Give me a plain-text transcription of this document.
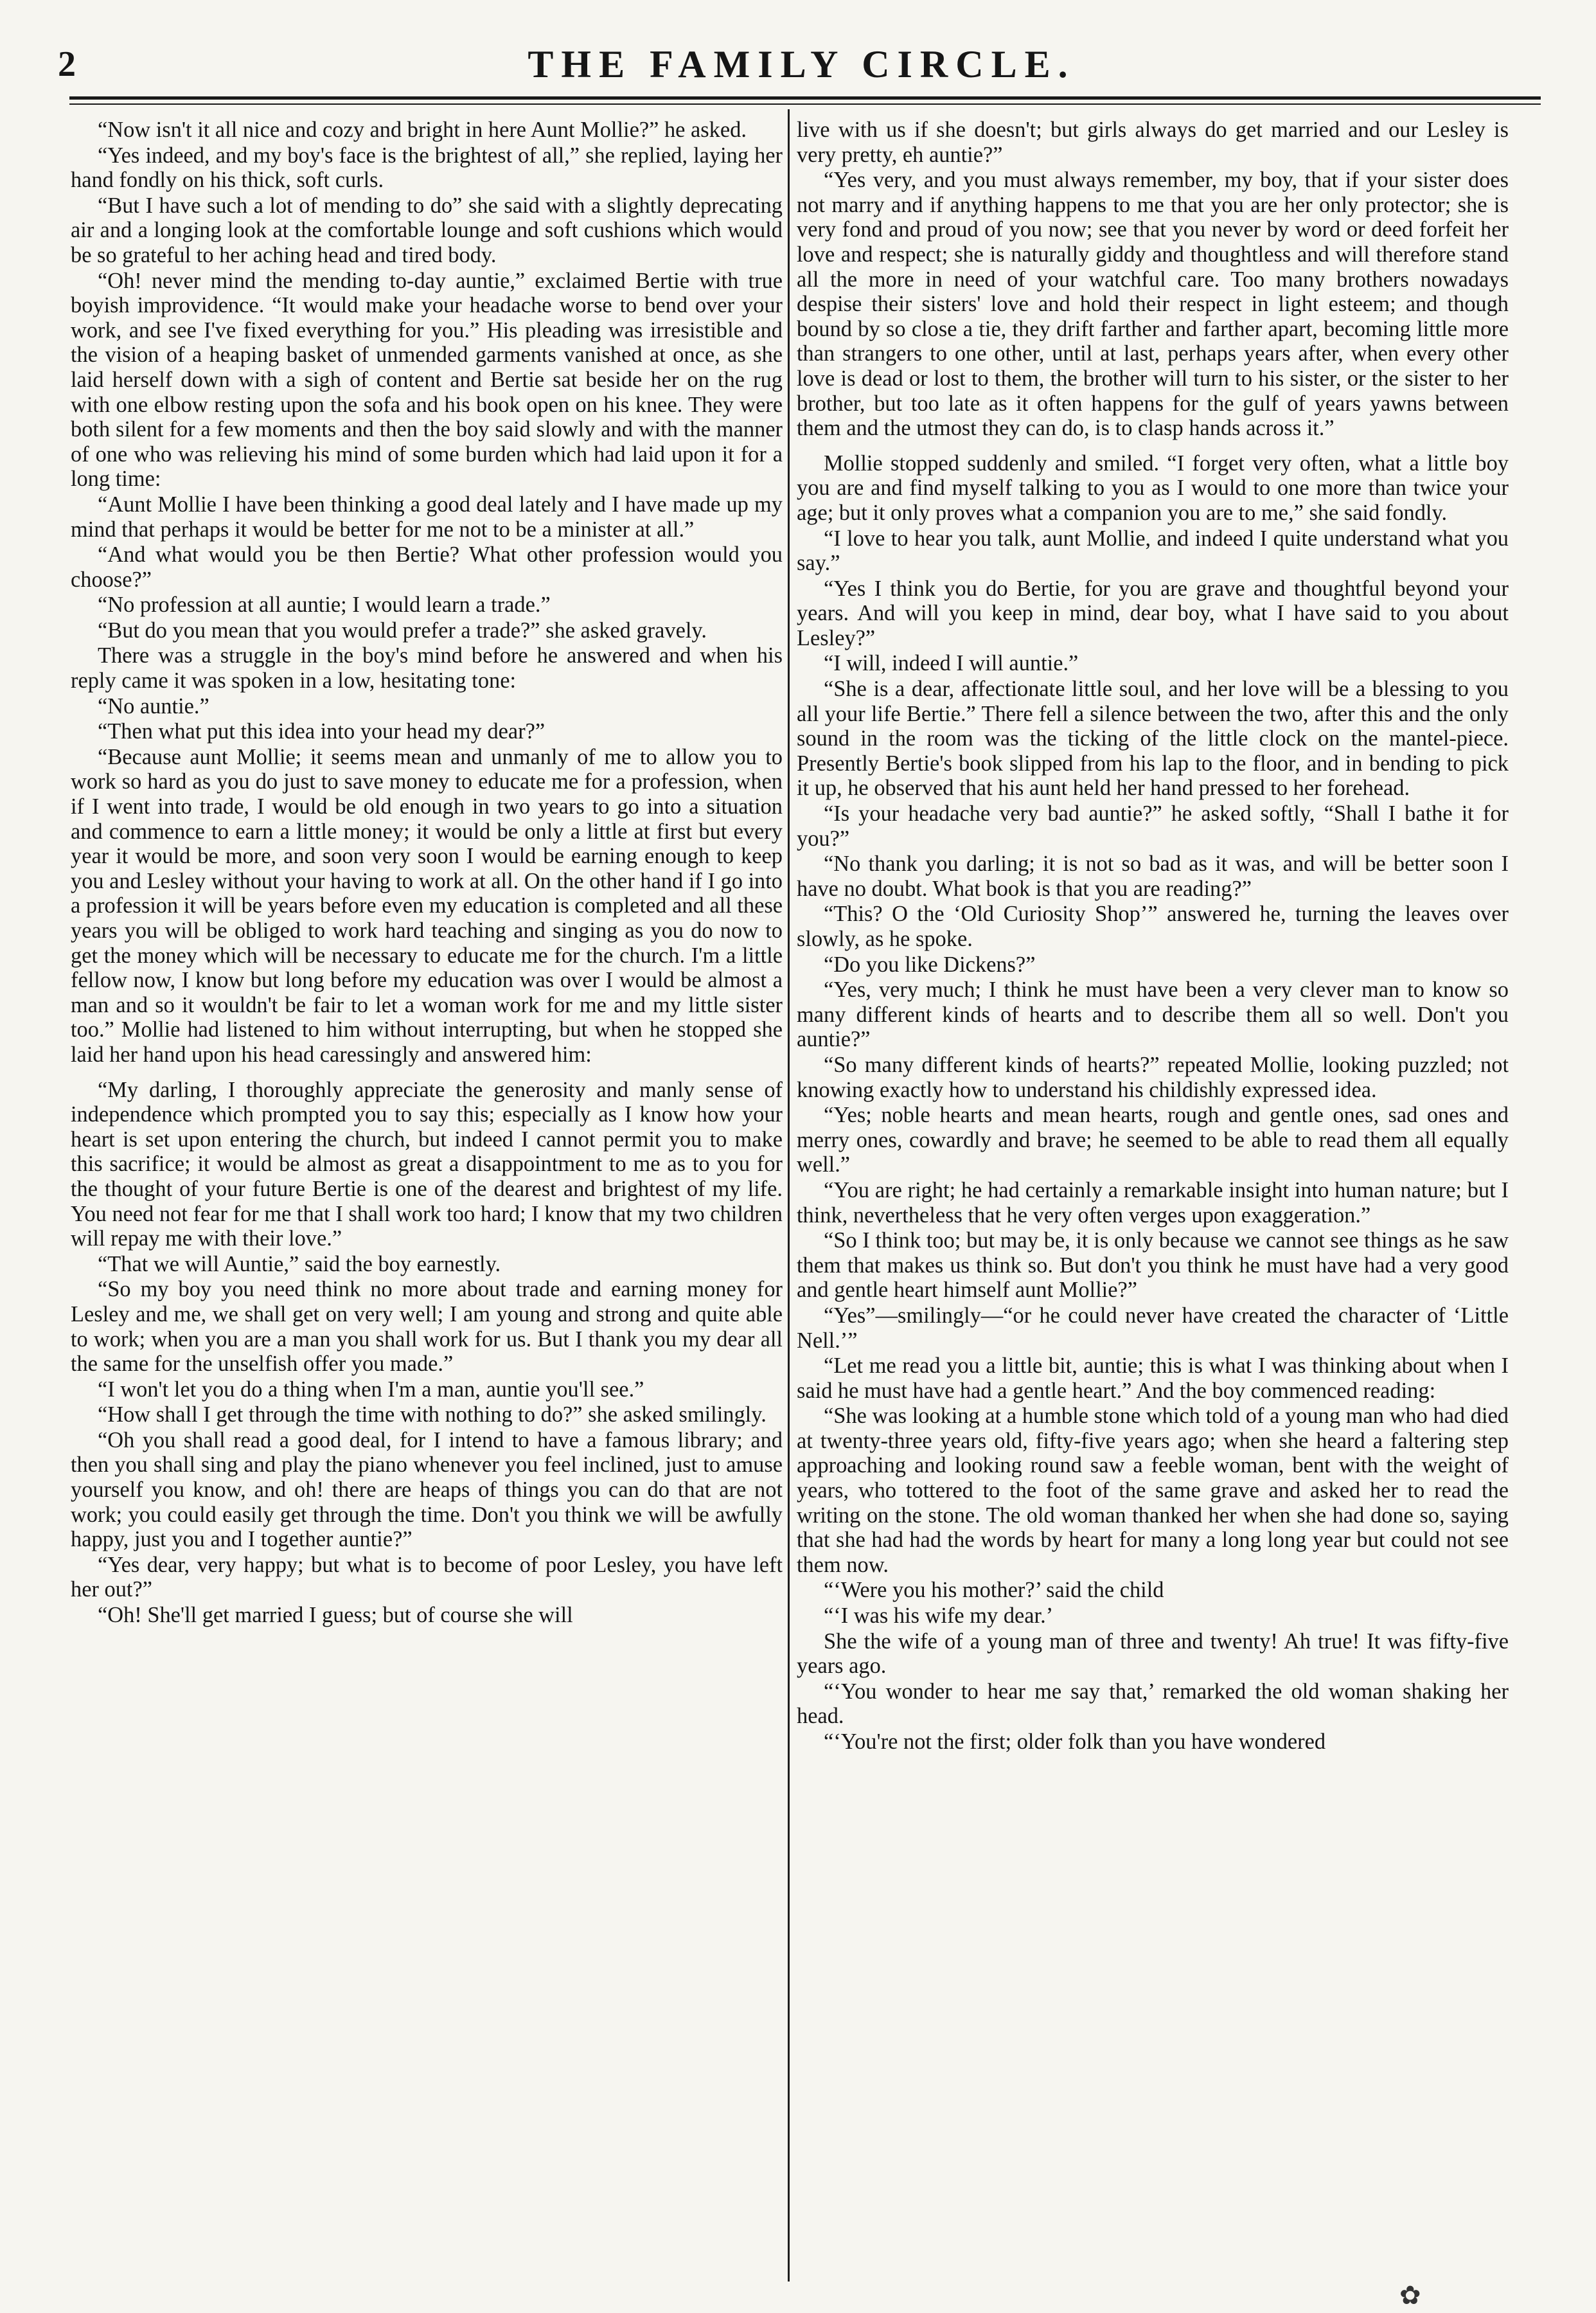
2	THE FAMILY CIRCLE.

“Now isn't it all nice and cozy and bright in here Aunt Mollie?” he asked.

“Yes indeed, and my boy's face is the brightest of all,” she replied, laying her hand fondly on his thick, soft curls.

“But I have such a lot of mending to do” she said with a slightly deprecating air and a longing look at the comfortable lounge and soft cushions which would be so grateful to her aching head and tired body.

“Oh! never mind the mending to-day auntie,” exclaimed Bertie with true boyish improvidence. “It would make your headache worse to bend over your work, and see I've fixed everything for you.” His pleading was irresistible and the vision of a heaping basket of unmended garments vanished at once, as she laid herself down with a sigh of content and Bertie sat beside her on the rug with one elbow resting upon the sofa and his book open on his knee. They were both silent for a few moments and then the boy said slowly and with the manner of one who was relieving his mind of some burden which had laid upon it for a long time:

“Aunt Mollie I have been thinking a good deal lately and I have made up my mind that perhaps it would be better for me not to be a minister at all.”

“And what would you be then Bertie? What other profession would you choose?”

“No profession at all auntie; I would learn a trade.”

“But do you mean that you would prefer a trade?” she asked gravely.

There was a struggle in the boy's mind before he answered and when his reply came it was spoken in a low, hesitating tone:

“No auntie.”

“Then what put this idea into your head my dear?”

“Because aunt Mollie; it seems mean and unmanly of me to allow you to work so hard as you do just to save money to educate me for a profession, when if I went into trade, I would be old enough in two years to go into a situation and commence to earn a little money; it would be only a little at first but every year it would be more, and soon very soon I would be earning enough to keep you and Lesley without your having to work at all. On the other hand if I go into a profession it will be years before even my education is completed and all these years you will be obliged to work hard teaching and singing as you do now to get the money which will be necessary to educate me for the church. I'm a little fellow now, I know but long before my education was over I would be almost a man and so it wouldn't be fair to let a woman work for me and my little sister too.” Mollie had listened to him without interrupting, but when he stopped she laid her hand upon his head caressingly and answered him:

“My darling, I thoroughly appreciate the generosity and manly sense of independence which prompted you to say this; especially as I know how your heart is set upon entering the church, but indeed I cannot permit you to make this sacrifice; it would be almost as great a disappointment to me as to you for the thought of your future Bertie is one of the dearest and brightest of my life. You need not fear for me that I shall work too hard; I know that my two children will repay me with their love.”

“That we will Auntie,” said the boy earnestly.

“So my boy you need think no more about trade and earning money for Lesley and me, we shall get on very well; I am young and strong and quite able to work; when you are a man you shall work for us. But I thank you my dear all the same for the unselfish offer you made.”

“I won't let you do a thing when I'm a man, auntie you'll see.”

“How shall I get through the time with nothing to do?” she asked smilingly.

“Oh you shall read a good deal, for I intend to have a famous library; and then you shall sing and play the piano whenever you feel inclined, just to amuse yourself you know, and oh! there are heaps of things you can do that are not work; you could easily get through the time. Don't you think we will be awfully happy, just you and I together auntie?”

“Yes dear, very happy; but what is to become of poor Lesley, you have left her out?”

“Oh! She'll get married I guess; but of course she will

live with us if she doesn't; but girls always do get married and our Lesley is very pretty, eh auntie?”

“Yes very, and you must always remember, my boy, that if your sister does not marry and if anything happens to me that you are her only protector; she is very fond and proud of you now; see that you never by word or deed forfeit her love and respect; she is naturally giddy and thoughtless and will therefore stand all the more in need of your watchful care. Too many brothers nowadays despise their sisters' love and hold their respect in light esteem; and though bound by so close a tie, they drift farther and farther apart, becoming little more than strangers to one other, until at last, perhaps years after, when every other love is dead or lost to them, the brother will turn to his sister, or the sister to her brother, but too late as it often happens for the gulf of years yawns between them and the utmost they can do, is to clasp hands across it.”

Mollie stopped suddenly and smiled. “I forget very often, what a little boy you are and find myself talking to you as I would to one more than twice your age; but it only proves what a companion you are to me,” she said fondly.

“I love to hear you talk, aunt Mollie, and indeed I quite understand what you say.”

“Yes I think you do Bertie, for you are grave and thoughtful beyond your years. And will you keep in mind, dear boy, what I have said to you about Lesley?”

“I will, indeed I will auntie.”

“She is a dear, affectionate little soul, and her love will be a blessing to you all your life Bertie.” There fell a silence between the two, after this and the only sound in the room was the ticking of the little clock on the mantel-piece. Presently Bertie's book slipped from his lap to the floor, and in bending to pick it up, he observed that his aunt held her hand pressed to her forehead.

“Is your headache very bad auntie?” he asked softly, “Shall I bathe it for you?”

“No thank you darling; it is not so bad as it was, and will be better soon I have no doubt. What book is that you are reading?”

“This? O the ‘Old Curiosity Shop’” answered he, turning the leaves over slowly, as he spoke.

“Do you like Dickens?”

“Yes, very much; I think he must have been a very clever man to know so many different kinds of hearts and to describe them all so well. Don't you auntie?”

“So many different kinds of hearts?” repeated Mollie, looking puzzled; not knowing exactly how to understand his childishly expressed idea.

“Yes; noble hearts and mean hearts, rough and gentle ones, sad ones and merry ones, cowardly and brave; he seemed to be able to read them all equally well.”

“You are right; he had certainly a remarkable insight into human nature; but I think, nevertheless that he very often verges upon exaggeration.”

“So I think too; but may be, it is only because we cannot see things as he saw them that makes us think so. But don't you think he must have had a very good and gentle heart himself aunt Mollie?”

“Yes”—smilingly—“or he could never have created the character of ‘Little Nell.’”

“Let me read you a little bit, auntie; this is what I was thinking about when I said he must have had a gentle heart.” And the boy commenced reading:

“She was looking at a humble stone which told of a young man who had died at twenty-three years old, fifty-five years ago; when she heard a faltering step approaching and looking round saw a feeble woman, bent with the weight of years, who tottered to the foot of the same grave and asked her to read the writing on the stone. The old woman thanked her when she had done so, saying that she had had the words by heart for many a long long year but could not see them now.

“‘Were you his mother?’ said the child

“‘I was his wife my dear.’

She the wife of a young man of three and twenty! Ah true! It was fifty-five years ago.

“‘You wonder to hear me say that,’ remarked the old woman shaking her head.

“‘You're not the first; older folk than you have wondered

✿
